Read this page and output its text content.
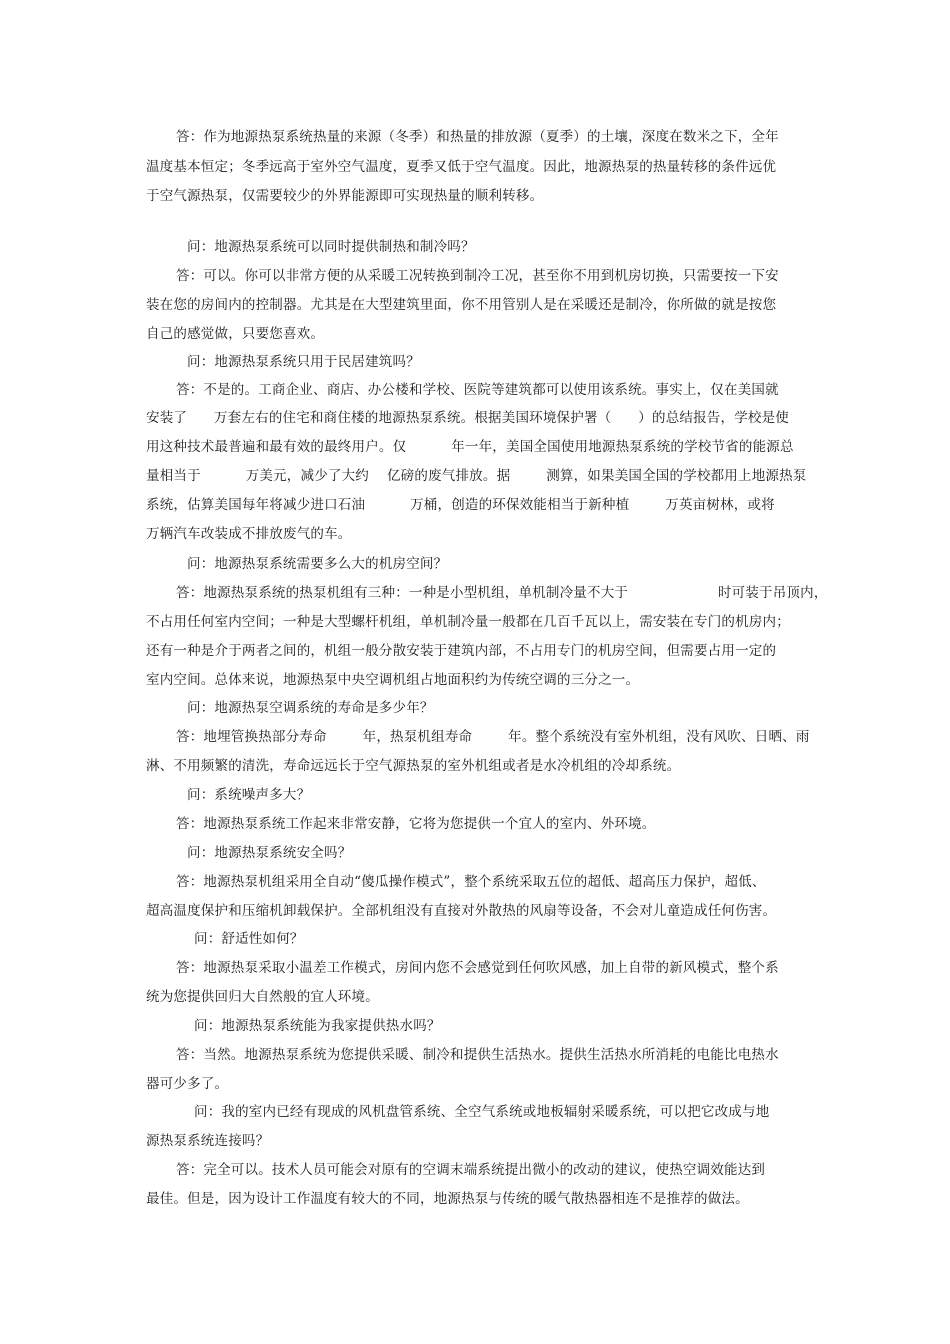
答：作为地源热泵系统热量的来源（冬季）和热量的排放源（夏季）的土壤，深度在数米之下，全年
温度基本恒定；冬季远高于室外空气温度，夏季又低于空气温度。因此，地源热泵的热量转移的条件远优
于空气源热泵，仅需要较少的外界能源即可实现热量的顺利转移。
问：地源热泵系统可以同时提供制热和制冷吗？
答：可以。你可以非常方便的从采暖工况转换到制冷工况，甚至你不用到机房切换，只需要按一下安
装在您的房间内的控制器。尤其是在大型建筑里面，你不用管别人是在采暖还是制冷，你所做的就是按您
自己的感觉做，只要您喜欢。
问：地源热泵系统只用于民居建筑吗？
答：不是的。工商企业、商店、办公楼和学校、医院等建筑都可以使用该系统。事实上，仅在美国就
安装了      万套左右的住宅和商住楼的地源热泵系统。根据美国环境保护署（      ）的总结报告，学校是使
用这种技术最普遍和最有效的最终用户。仅          年一年，美国全国使用地源热泵系统的学校节省的能源总
量相当于          万美元，减少了大约    亿磅的废气排放。据        测算，如果美国全国的学校都用上地源热泵
系统，估算美国每年将减少进口石油          万桶，创造的环保效能相当于新种植        万英亩树林，或将
万辆汽车改装成不排放废气的车。
问：地源热泵系统需要多么大的机房空间？
答：地源热泵系统的热泵机组有三种：一种是小型机组，单机制冷量不大于                    时可装于吊顶内，
不占用任何室内空间；一种是大型螺杆机组，单机制冷量一般都在几百千瓦以上，需安装在专门的机房内；
还有一种是介于两者之间的，机组一般分散安装于建筑内部，不占用专门的机房空间，但需要占用一定的
室内空间。总体来说，地源热泵中央空调机组占地面积约为传统空调的三分之一。
问：地源热泵空调系统的寿命是多少年？
答：地埋管换热部分寿命        年，热泵机组寿命        年。整个系统没有室外机组，没有风吹、日晒、雨
淋、不用频繁的清洗，寿命远远长于空气源热泵的室外机组或者是水冷机组的冷却系统。
问：系统噪声多大？
答：地源热泵系统工作起来非常安静，它将为您提供一个宜人的室内、外环境。
问：地源热泵系统安全吗？
答：地源热泵机组采用全自动“傻瓜操作模式”，整个系统采取五位的超低、超高压力保护，超低、
超高温度保护和压缩机卸载保护。全部机组没有直接对外散热的风扇等设备，不会对儿童造成任何伤害。
问：舒适性如何？
答：地源热泵采取小温差工作模式，房间内您不会感觉到任何吹风感，加上自带的新风模式，整个系
统为您提供回归大自然般的宜人环境。
问：地源热泵系统能为我家提供热水吗？
答：当然。地源热泵系统为您提供采暖、制冷和提供生活热水。提供生活热水所消耗的电能比电热水
器可少多了。
问：我的室内已经有现成的风机盘管系统、全空气系统或地板辐射采暖系统，可以把它改成与地
源热泵系统连接吗？
答：完全可以。技术人员可能会对原有的空调末端系统提出微小的改动的建议，使热空调效能达到
最佳。但是，因为设计工作温度有较大的不同，地源热泵与传统的暖气散热器相连不是推荐的做法。
